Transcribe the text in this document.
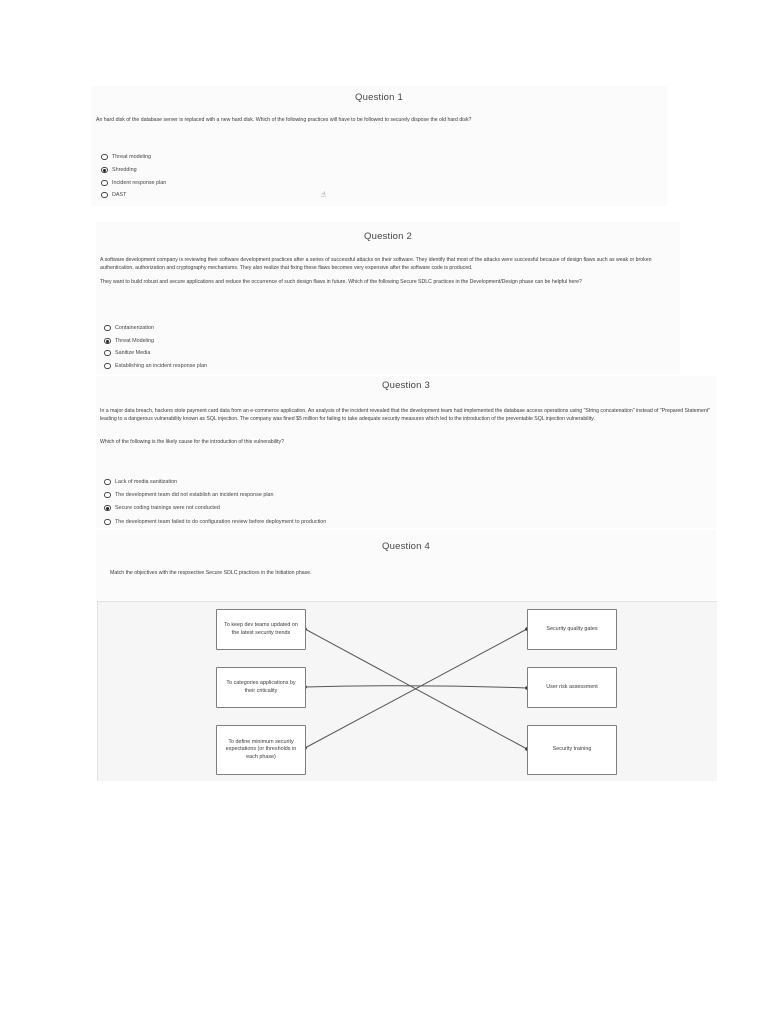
Question 1

An hard disk of the database server is replaced with a new hard disk. Which of the following practices will have to be followed to securely dispose the old hard disk?

Threat modeling
Shredding
Incident response plan
DAST	☝
Question 2

A software development company is reviewing their software development practices after a series of successful attacks on their software. They identify that most of the attacks were successful because of design flaws such as weak or broken authentication, authorization and cryptography mechanisms. They also realize that fixing these flaws becomes very expensive after the software code is produced.

They want to build robust and secure applications and reduce the occurrence of such design flaws in future. Which of the following Secure SDLC practices in the Development/Design phase can be helpful here?

Containerization
Threat Modeling
Sanitize Media
Establishing an incident response plan
Question 3

In a major data breach, hackers stole payment card data from an e-commerce application. An analysis of the incident revealed that the development team had implemented the database access operations using "String concatenation" instead of "Prepared Statement" leading to a dangerous vulnerability known as SQL injection. The company was fined $5 million for failing to take adequate security measures which led to the introduction of the preventable SQL injection vulnerability.

Which of the following is the likely cause for the introduction of this vulnerability?

Lack of media sanitization
The development team did not establish an incident response plan
Secure coding trainings were not conducted
The development team failed to do configuration review before deployment to production
Question 4

Match the objectives with the respsective Secure SDLC practices in the Initiation phase.

To keep dev teams updated on the latest security trends
To categories applications by their criticality
To define minimum security expectations (or thresholds in each phase)
Security quality gates
User risk assessment
Security training
